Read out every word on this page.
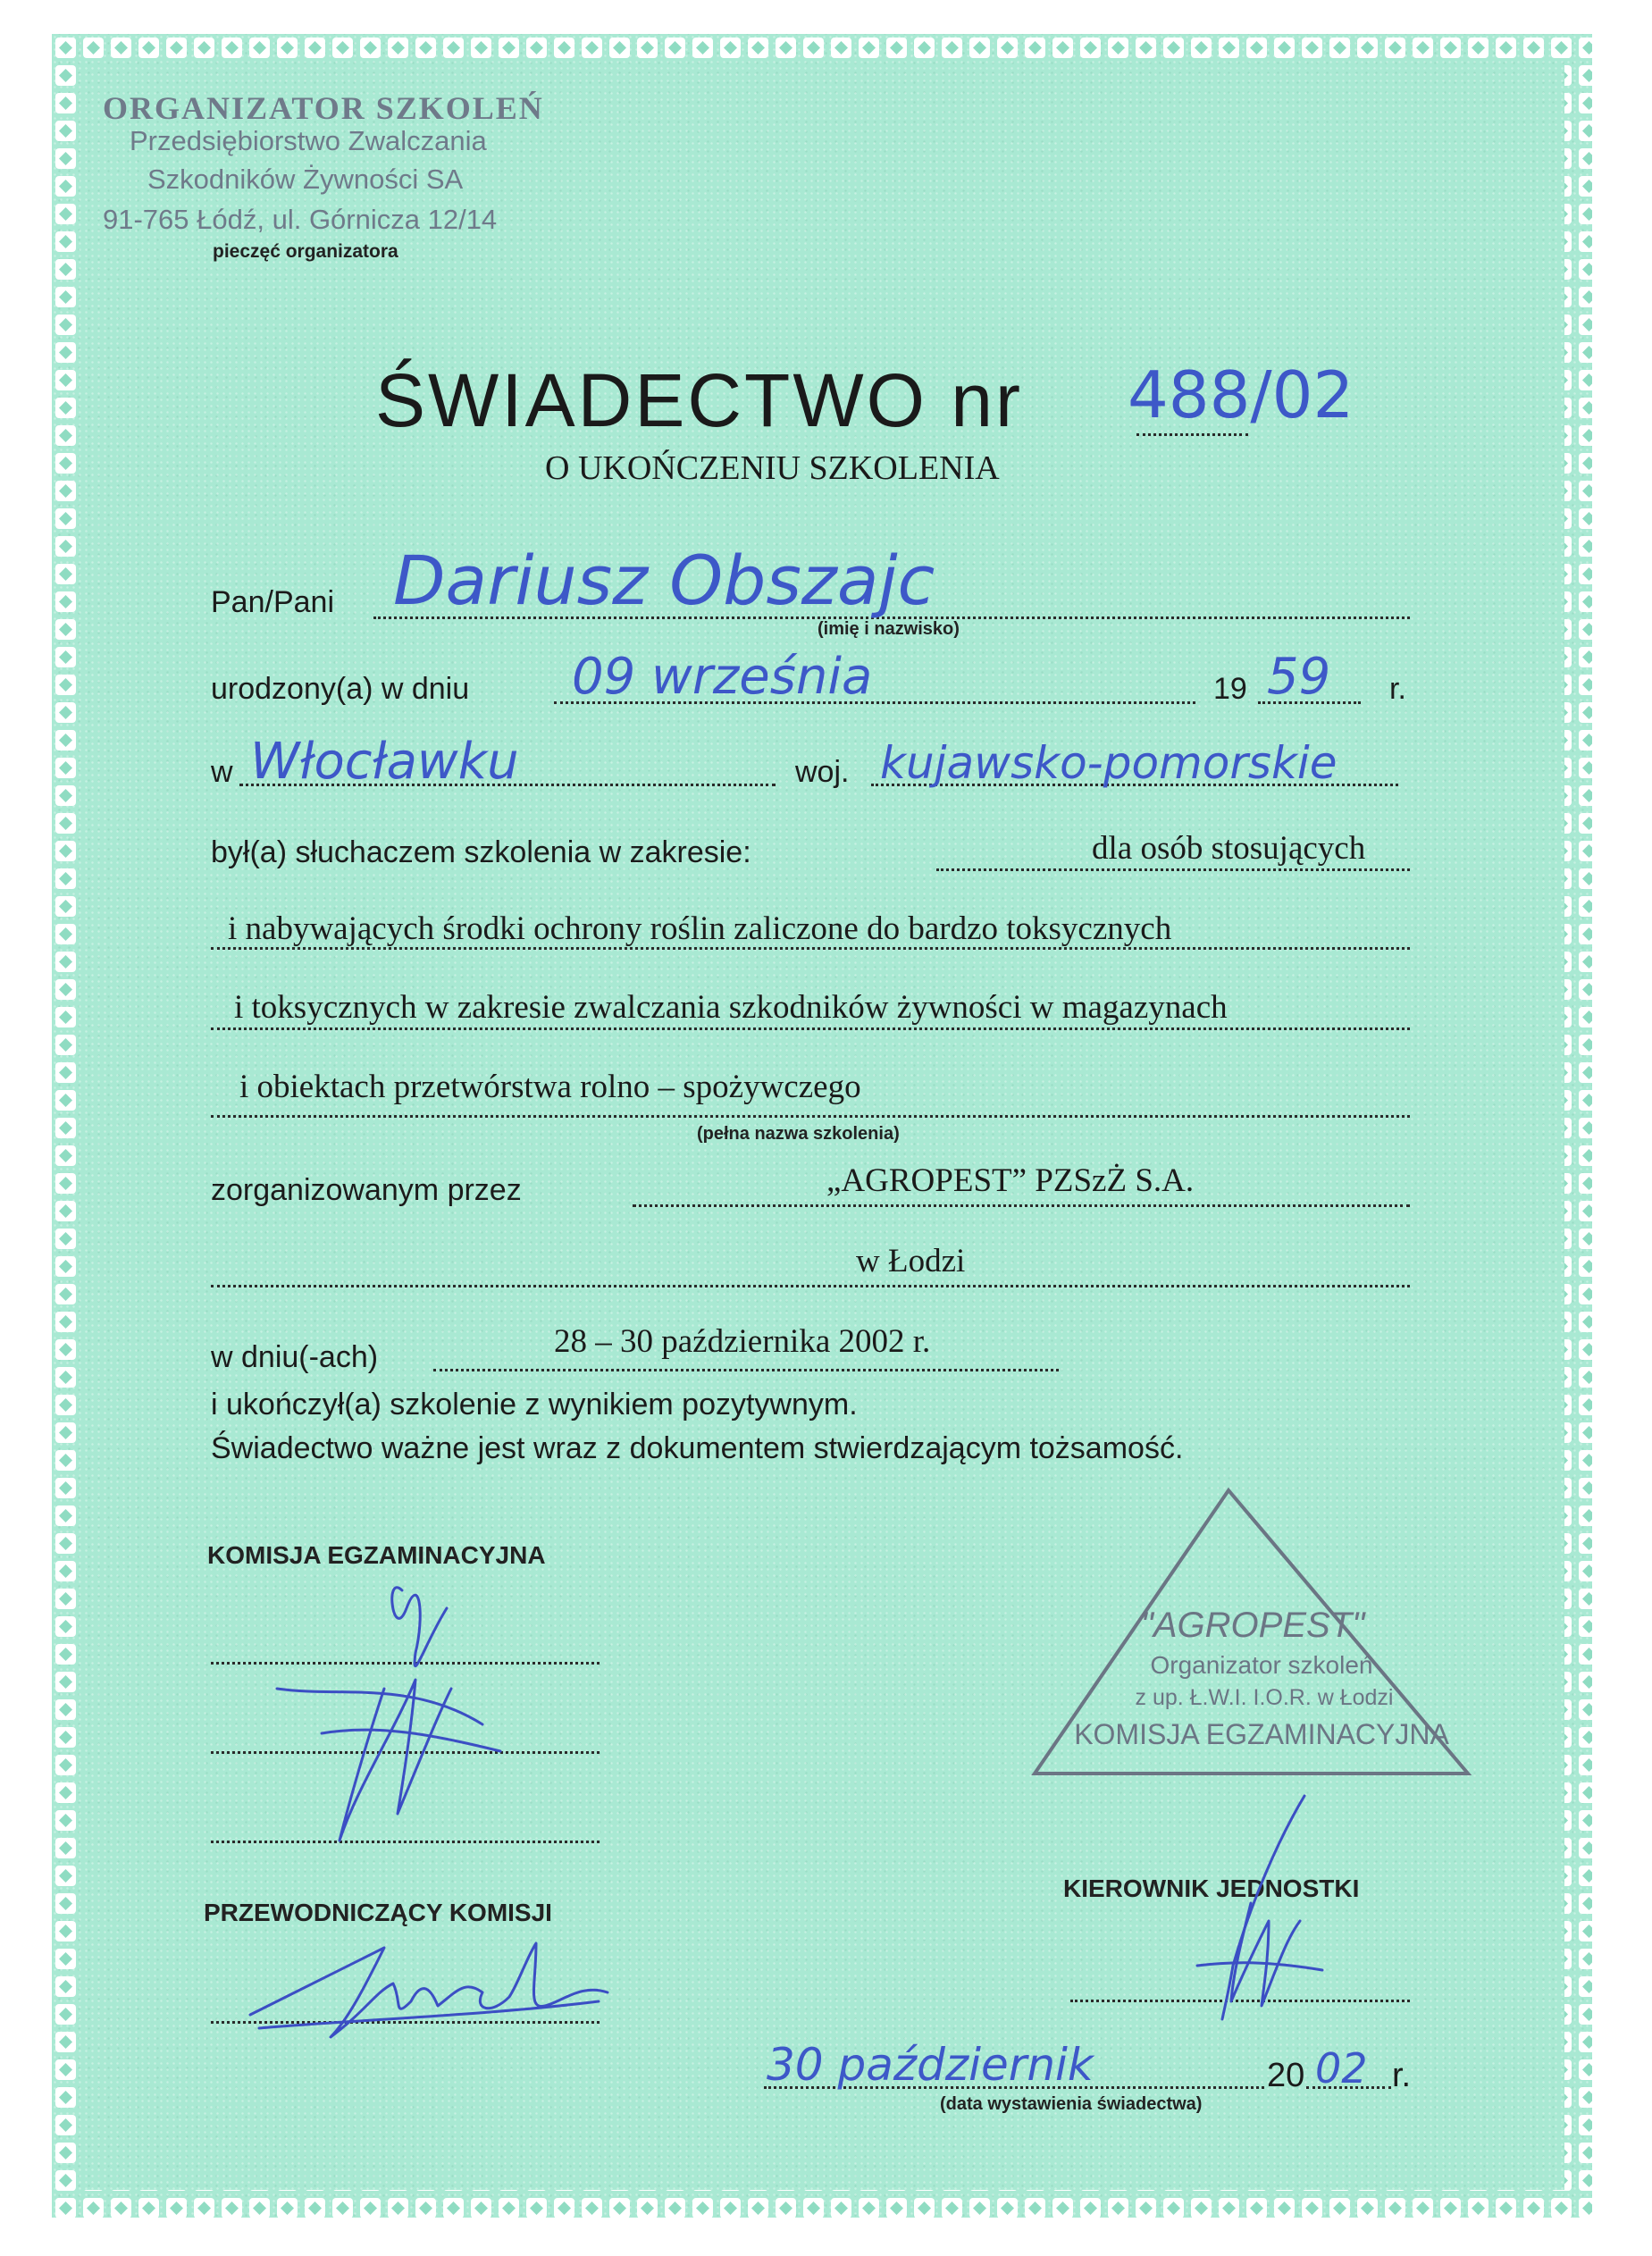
ORGANIZATOR SZKOLEŃ
Przedsiębiorstwo Zwalczania
Szkodników Żywności SA
91-765 Łódź, ul. Górnicza 12/14
pieczęć organizatora
ŚWIADECTWO nr 488/02
O UKOŃCZENIU SZKOLENIA
Pan/Pani Dariusz Obszajc
(imię i nazwisko)
urodzony(a) w dniu 09 września	19 59 r.
w Włocławku	woj. kujawsko-pomorskie
był(a) słuchaczem szkolenia w zakresie:	dla osób stosujących
i nabywających środki ochrony roślin zaliczone do bardzo toksycznych
i toksycznych w zakresie zwalczania szkodników żywności w magazynach
i obiektach przetwórstwa rolno – spożywczego
(pełna nazwa szkolenia)
zorganizowanym przez	„AGROPEST” PZSzŻ S.A.
w Łodzi
w dniu(-ach)	28 – 30 października 2002 r.
i ukończył(a) szkolenie z wynikiem pozytywnym.
Świadectwo ważne jest wraz z dokumentem stwierdzającym tożsamość.
KOMISJA EGZAMINACYJNA
PRZEWODNICZĄCY KOMISJI
"AGROPEST"
Organizator szkoleń
z up. Ł.W.I. I.O.R. w Łodzi
KOMISJA EGZAMINACYJNA
KIEROWNIK JEDNOSTKI
30 październik	20 02 r.
(data wystawienia świadectwa)
